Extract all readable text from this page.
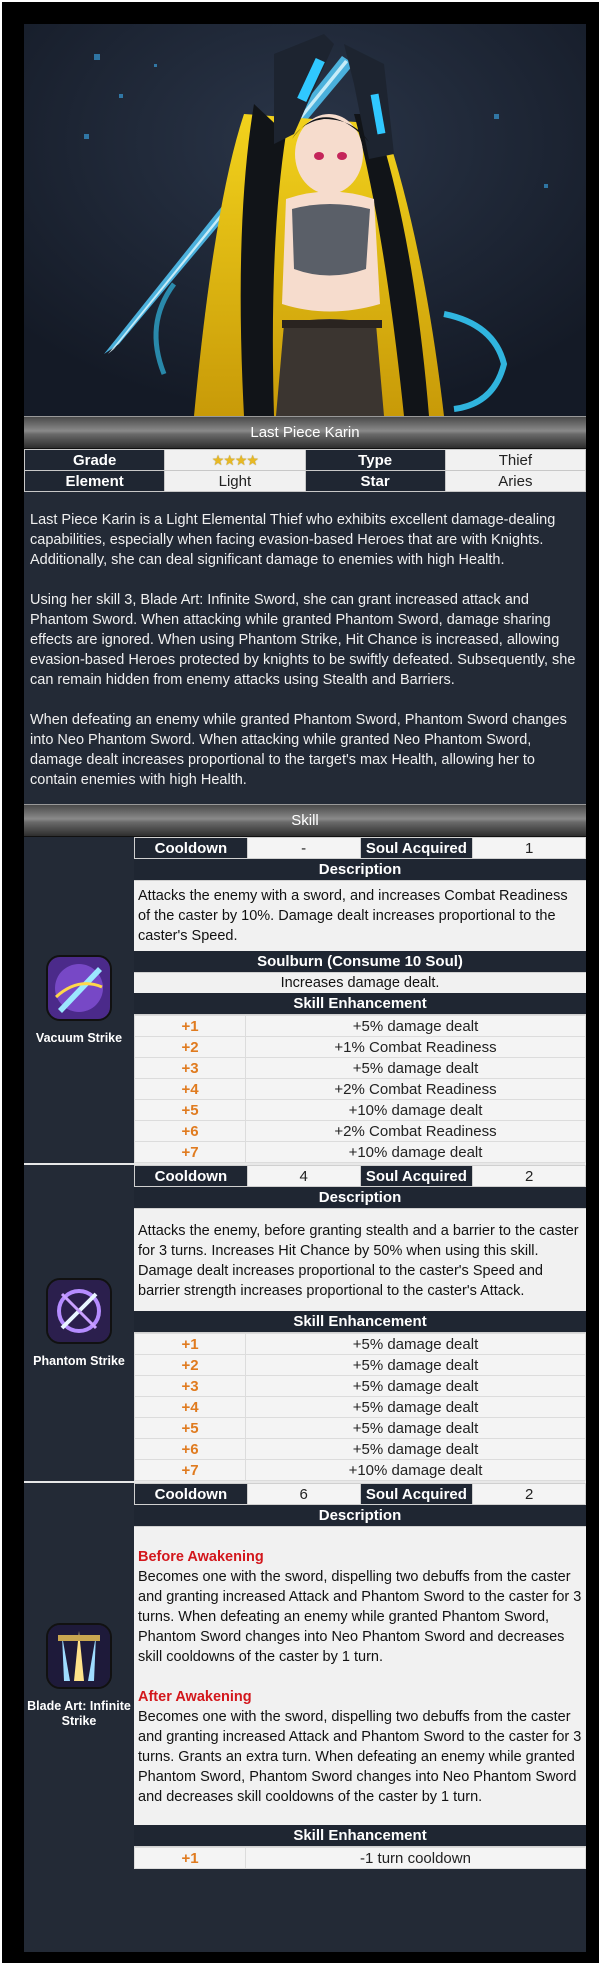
Last Piece Karin
Grade	★★★★	Type	Thief
Element	Light	Star	Aries

Last Piece Karin is a Light Elemental Thief who exhibits excellent damage-dealing capabilities, especially when facing evasion-based Heroes that are with Knights. Additionally, she can deal significant damage to enemies with high Health.

Using her skill 3, Blade Art: Infinite Sword, she can grant increased attack and Phantom Sword. When attacking while granted Phantom Sword, damage sharing effects are ignored. When using Phantom Strike, Hit Chance is increased, allowing evasion-based Heroes protected by knights to be swiftly defeated. Subsequently, she can remain hidden from enemy attacks using Stealth and Barriers.

When defeating an enemy while granted Phantom Sword, Phantom Sword changes into Neo Phantom Sword. When attacking while granted Neo Phantom Sword, damage dealt increases proportional to the target's max Health, allowing her to contain enemies with high Health.

Skill
Vacuum Strike
Cooldown	-	Soul Acquired	1
Description
Attacks the enemy with a sword, and increases Combat Readiness of the caster by 10%. Damage dealt increases proportional to the caster's Speed.
Soulburn (Consume 10 Soul)
Increases damage dealt.
Skill Enhancement
+1	+5% damage dealt
+2	+1% Combat Readiness
+3	+5% damage dealt
+4	+2% Combat Readiness
+5	+10% damage dealt
+6	+2% Combat Readiness
+7	+10% damage dealt
Phantom Strike
Cooldown	4	Soul Acquired	2
Description
Attacks the enemy, before granting stealth and a barrier to the caster for 3 turns. Increases Hit Chance by 50% when using this skill. Damage dealt increases proportional to the caster's Speed and barrier strength increases proportional to the caster's Attack.
Skill Enhancement
+1	+5% damage dealt
+2	+5% damage dealt
+3	+5% damage dealt
+4	+5% damage dealt
+5	+5% damage dealt
+6	+5% damage dealt
+7	+10% damage dealt
Blade Art: Infinite Strike
Cooldown	6	Soul Acquired	2
Description
Before Awakening
Becomes one with the sword, dispelling two debuffs from the caster and granting increased Attack and Phantom Sword to the caster for 3 turns. When defeating an enemy while granted Phantom Sword, Phantom Sword changes into Neo Phantom Sword and decreases skill cooldowns of the caster by 1 turn.
After Awakening
Becomes one with the sword, dispelling two debuffs from the caster and granting increased Attack and Phantom Sword to the caster for 3 turns. Grants an extra turn. When defeating an enemy while granted Phantom Sword, Phantom Sword changes into Neo Phantom Sword and decreases skill cooldowns of the caster by 1 turn.
Skill Enhancement
+1	-1 turn cooldown
